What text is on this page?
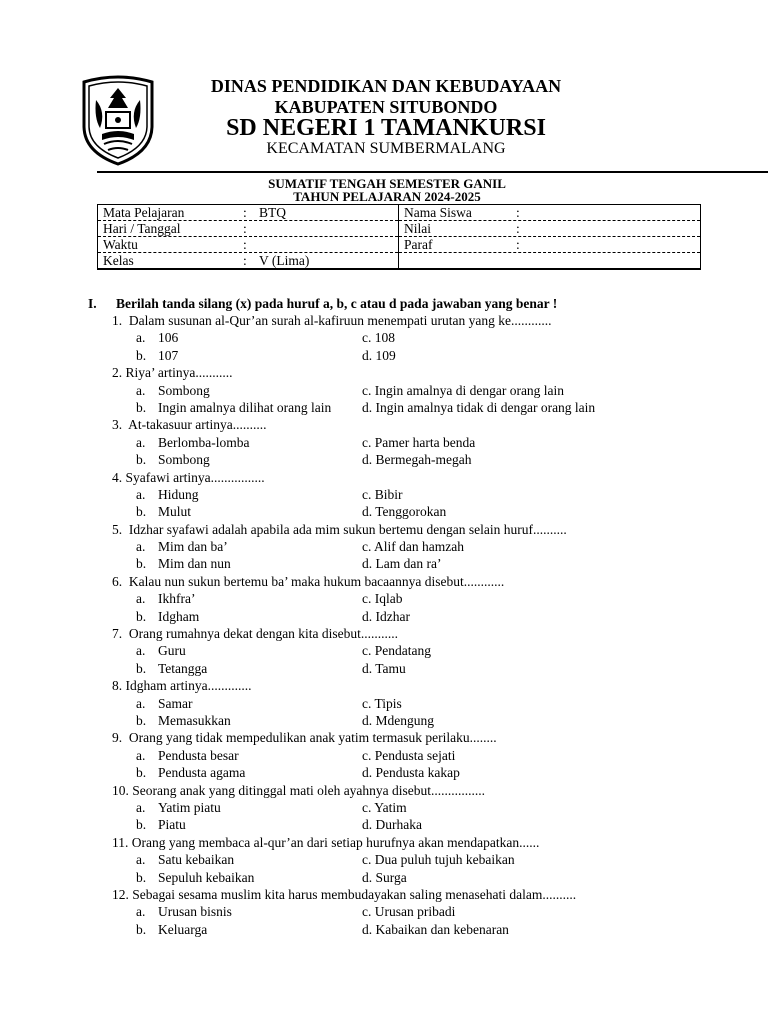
DINAS PENDIDIKAN DAN KEBUDAYAAN
KABUPATEN SITUBONDO
SD NEGERI 1 TAMANKURSI
KECAMATAN SUMBERMALANG
SUMATIF TENGAH SEMESTER GANIL
TAHUN PELAJARAN 2024-2025
Mata Pelajaran : BTQ	Nama Siswa :
Hari / Tanggal :	Nilai :
Waktu :	Paraf :
Kelas : V (Lima)	
I. Berilah tanda silang (x) pada huruf a, b, c atau d pada jawaban yang benar !
1. Dalam susunan al-Qur’an surah al-kafiruun menempati urutan yang ke............
a. 106	c. 108
b. 107	d. 109
2. Riya’ artinya...........
a. Sombong	c. Ingin amalnya di dengar orang lain
b. Ingin amalnya dilihat orang lain d. Ingin amalnya tidak di dengar orang lain
3. At-takasuur artinya..........
a. Berlomba-lomba	c. Pamer harta benda
b. Sombong	d. Bermegah-megah
4. Syafawi artinya................
a. Hidung	c. Bibir
b. Mulut	d. Tenggorokan
5. Idzhar syafawi adalah apabila ada mim sukun bertemu dengan selain huruf..........
a. Mim dan ba’	c. Alif dan hamzah
b. Mim dan nun	d. Lam dan ra’
6. Kalau nun sukun bertemu ba’ maka hukum bacaannya disebut............
a. Ikhfra’	c. Iqlab
b. Idgham	d. Idzhar
7. Orang rumahnya dekat dengan kita disebut...........
a. Guru	c. Pendatang
b. Tetangga	d. Tamu
8. Idgham artinya.............
a. Samar	c. Tipis
b. Memasukkan	d. Mdengung
9. Orang yang tidak mempedulikan anak yatim termasuk perilaku........
a. Pendusta besar	c. Pendusta sejati
b. Pendusta agama	d. Pendusta kakap
10. Seorang anak yang ditinggal mati oleh ayahnya disebut................
a. Yatim piatu	c. Yatim
b. Piatu	d. Durhaka
11. Orang yang membaca al-qur’an dari setiap hurufnya akan mendapatkan......
a. Satu kebaikan	c. Dua puluh tujuh kebaikan
b. Sepuluh kebaikan	d. Surga
12. Sebagai sesama muslim kita harus membudayakan saling menasehati dalam..........
a. Urusan bisnis	c. Urusan pribadi
b. Keluarga	d. Kabaikan dan kebenaran
